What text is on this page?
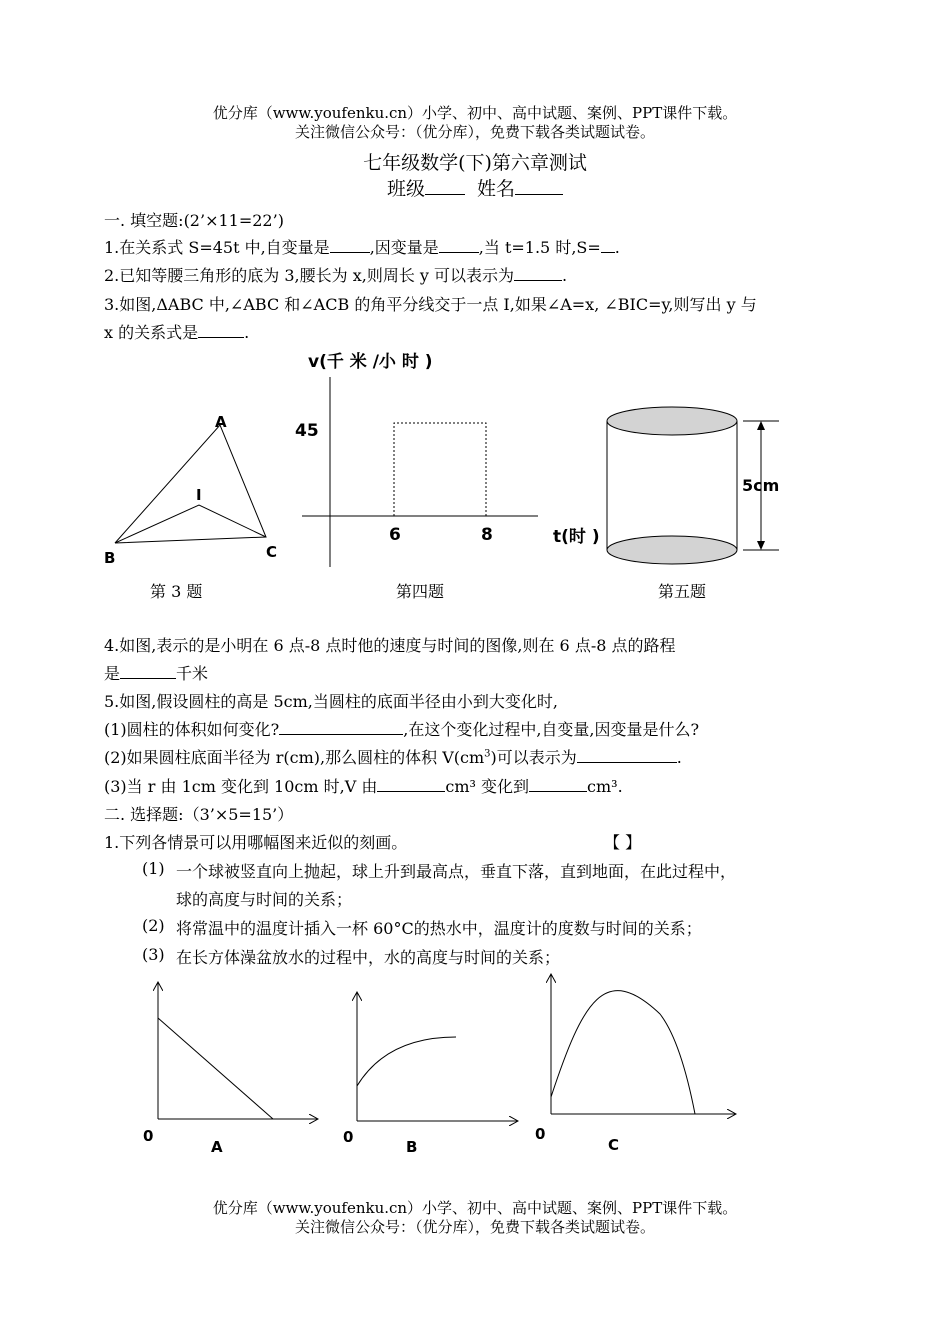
优分库（www.youfenku.cn）小学、初中、高中试题、案例、PPT课件下载。
关注微信公众号：（优分库），免费下载各类试题试卷。
七年级数学(下)第六章测试
班级	姓名
一. 填空题:(2’×11=22’)
1.在关系式 S=45t 中,自变量是	,因变量是	,当 t=1.5 时,S= .
2.已知等腰三角形的底为 3,腰长为 x,则周长 y 可以表示为	.
3.如图,ΔABC 中,∠ABC 和∠ACB 的角平分线交于一点 I,如果∠A=x, ∠BIC=y,则写出 y 与
x 的关系式是	.
A
B	C
I
第 3 题
v(千 米 /小 时 )
45
6	8	t(时 )
第四题
5cm
第五题
4.如图,表示的是小明在 6 点-8 点时他的速度与时间的图像,则在 6 点-8 点的路程
是	千米
5.如图,假设圆柱的高是 5cm,当圆柱的底面半径由小到大变化时,
(1)圆柱的体积如何变化?	,在这个变化过程中,自变量,因变量是什么?
(2)如果圆柱底面半径为 r(cm),那么圆柱的体积 $V(cm^3)$可以表示为	.
(3)当 r 由 1cm 变化到 10cm 时,V 由	cm³ 变化到	cm³.
二. 选择题:（3’×5=15’）
1.下列各情景可以用哪幅图来近似的刻画。	【 】
(1) 一个球被竖直向上抛起，球上升到最高点，垂直下落，直到地面，在此过程中，
球的高度与时间的关系；
(2) 将常温中的温度计插入一杯 60°C的热水中，温度计的度数与时间的关系；
(3) 在长方体澡盆放水的过程中，水的高度与时间的关系；
0
A
0
B
0
C
优分库（www.youfenku.cn）小学、初中、高中试题、案例、PPT课件下载。
关注微信公众号：（优分库），免费下载各类试题试卷。
